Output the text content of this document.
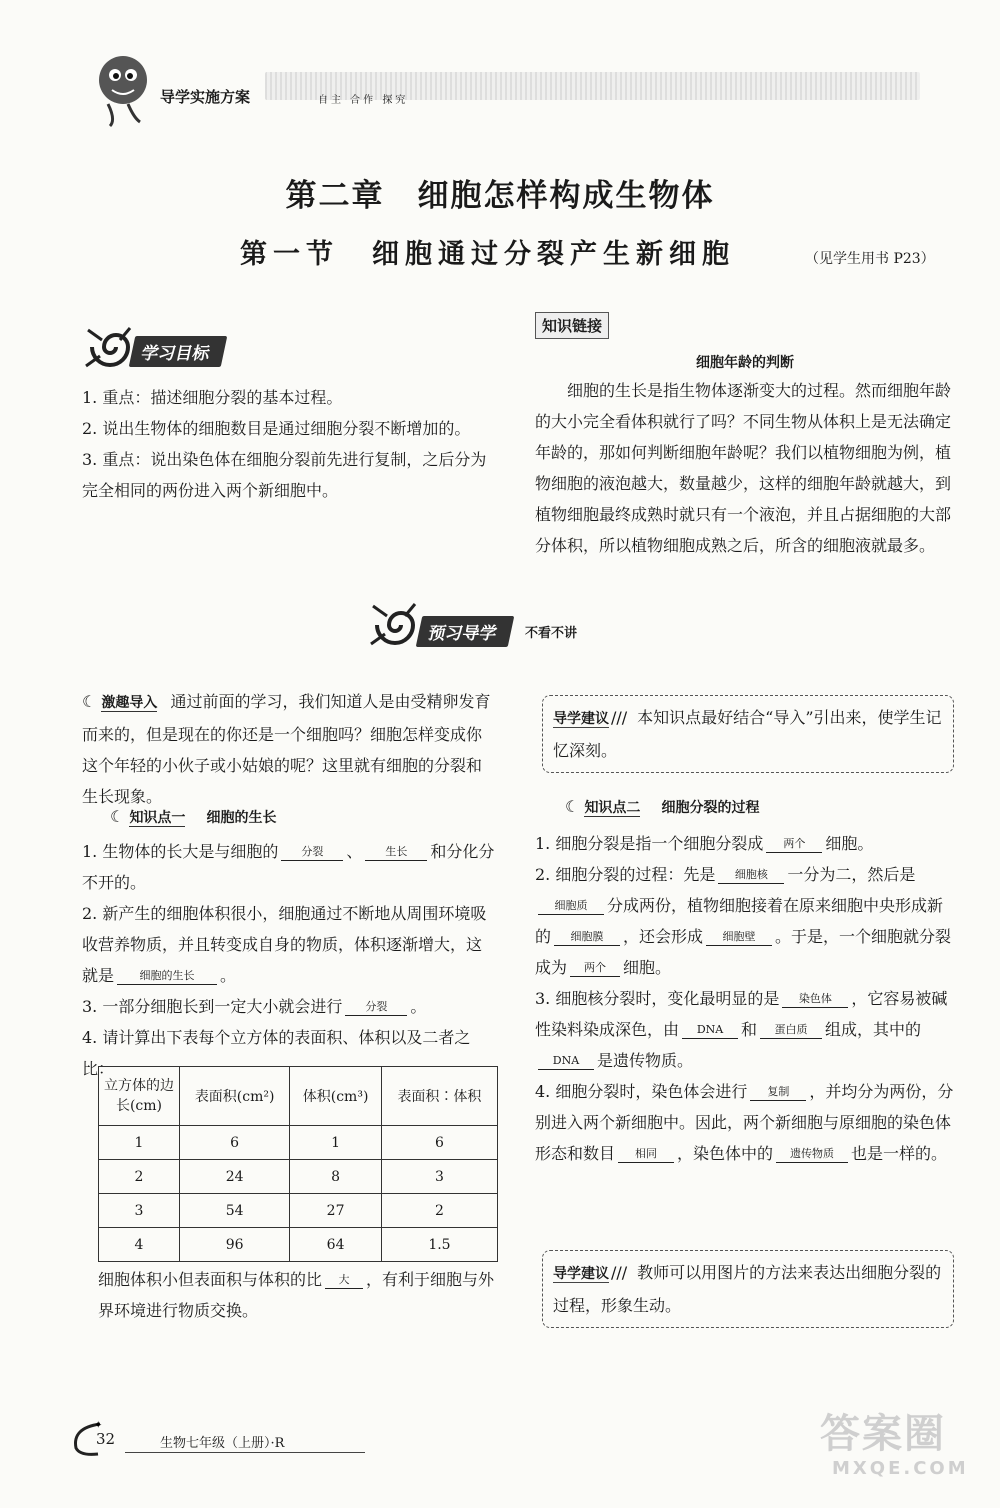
导学实施方案	自主 合作 探究
第二章　细胞怎样构成生物体
第一节　细胞通过分裂产生新细胞	（见学生用书 P23）
学习目标
1. 重点：描述细胞分裂的基本过程。
2. 说出生物体的细胞数目是通过细胞分裂不断增加的。
3. 重点：说出染色体在细胞分裂前先进行复制，之后分为完全相同的两份进入两个新细胞中。
知识链接
细胞年龄的判断
细胞的生长是指生物体逐渐变大的过程。然而细胞年龄的大小完全看体积就行了吗？不同生物从体积上是无法确定年龄的，那如何判断细胞年龄呢？我们以植物细胞为例，植物细胞的液泡越大，数量越少，这样的细胞年龄就越大，到植物细胞最终成熟时就只有一个液泡，并且占据细胞的大部分体积，所以植物细胞成熟之后，所含的细胞液就最多。
预习导学	不看不讲
☾ 激趣导入 通过前面的学习，我们知道人是由受精卵发育而来的，但是现在的你还是一个细胞吗？细胞怎样变成你这个年轻的小伙子或小姑娘的呢？这里就有细胞的分裂和生长现象。
☾ 知识点一 细胞的生长
1. 生物体的长大是与细胞的 分裂 、 生长 和分化分不开的。
2. 新产生的细胞体积很小，细胞通过不断地从周围环境吸收营养物质，并且转变成自身的物质，体积逐渐增大，这就是 细胞的生长 。
3. 一部分细胞长到一定大小就会进行 分裂 。
4. 请计算出下表每个立方体的表面积、体积以及二者之比：
立方体的边长(cm)	表面积(cm²)	体积(cm³)	表面积∶体积
1	6	1	6
2	24	8	3
3	54	27	2
4	96	64	1.5
细胞体积小但表面积与体积的比 大 ，有利于细胞与外界环境进行物质交换。
导学建议 /// 本知识点最好结合“导入”引出来，使学生记忆深刻。
☾ 知识点二 细胞分裂的过程
1. 细胞分裂是指一个细胞分裂成 两个 细胞。
2. 细胞分裂的过程：先是 细胞核 一分为二，然后是细胞质 分成两份，植物细胞接着在原来细胞中央形成新的 细胞膜 ，还会形成 细胞壁 。于是，一个细胞就分裂成为 两个 细胞。
3. 细胞核分裂时，变化最明显的是 染色体 ，它容易被碱性染料染成深色，由 DNA 和 蛋白质 组成，其中的DNA 是遗传物质。
4. 细胞分裂时，染色体会进行 复制 ，并均分为两份，分别进入两个新细胞中。因此，两个新细胞与原细胞的染色体形态和数目 相同 ，染色体中的 遗传物质 也是一样的。
导学建议 /// 教师可以用图片的方法来表达出细胞分裂的过程，形象生动。
✦
32	生物七年级（上册）·R	答案圈
MXQE.COM
